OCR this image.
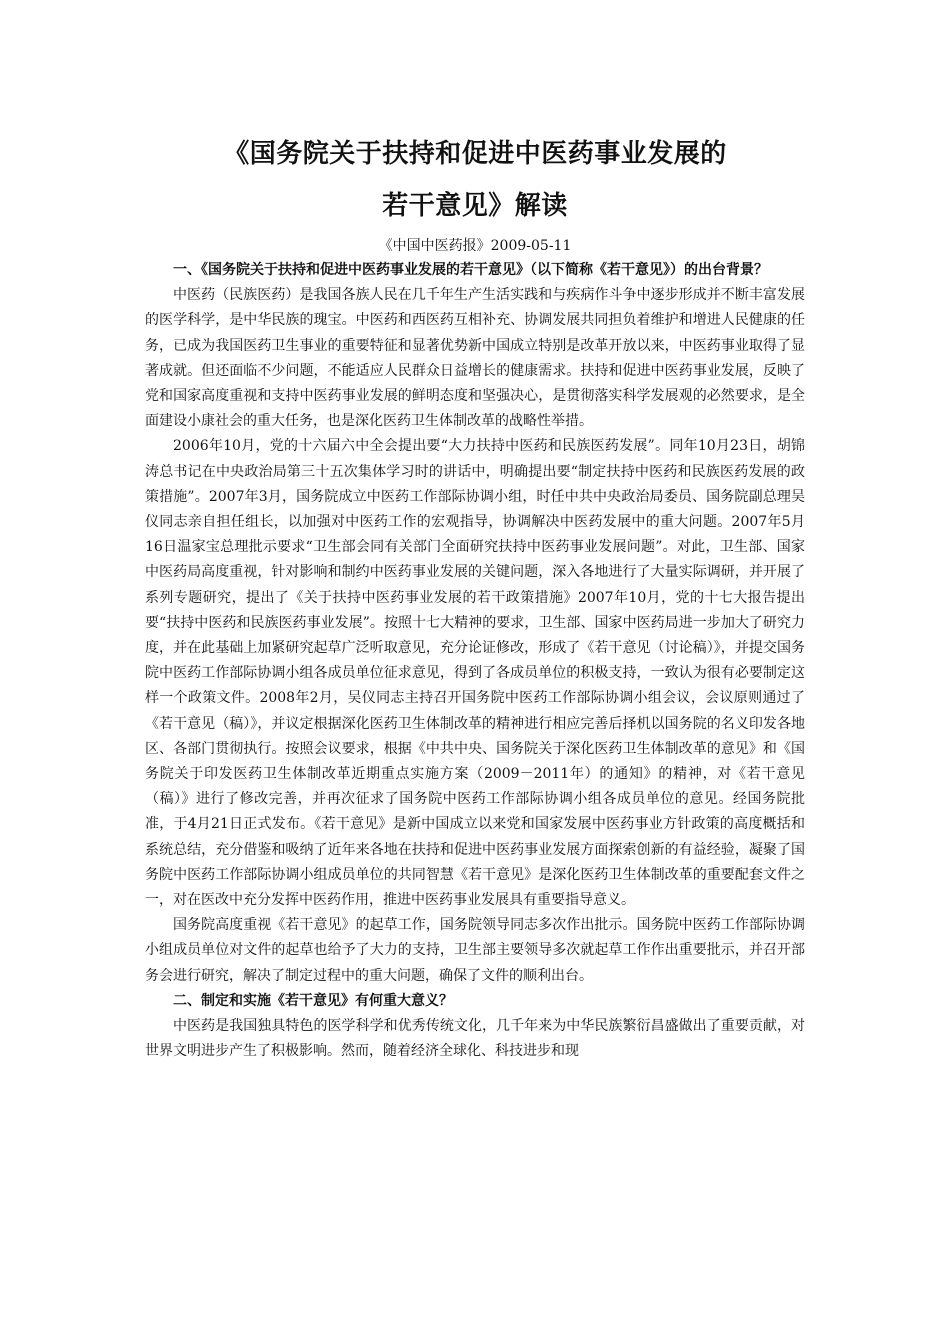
《国务院关于扶持和促进中医药事业发展的
若干意见》解读
《中国中医药报》2009-05-11

一、《国务院关于扶持和促进中医药事业发展的若干意见》（以下简称《若干意见》）的出台背景？

中医药（民族医药）是我国各族人民在几千年生产生活实践和与疾病作斗争中逐步形成并不断丰富发展的医学科学，是中华民族的瑰宝。中医药和西医药互相补充、协调发展共同担负着维护和增进人民健康的任务，已成为我国医药卫生事业的重要特征和显著优势新中国成立特别是改革开放以来，中医药事业取得了显著成就。但还面临不少问题，不能适应人民群众日益增长的健康需求。扶持和促进中医药事业发展，反映了党和国家高度重视和支持中医药事业发展的鲜明态度和坚强决心，是贯彻落实科学发展观的必然要求，是全面建设小康社会的重大任务，也是深化医药卫生体制改革的战略性举措。

2006年10月，党的十六届六中全会提出要“大力扶持中医药和民族医药发展”。同年10月23日，胡锦涛总书记在中央政治局第三十五次集体学习时的讲话中，明确提出要“制定扶持中医药和民族医药发展的政策措施”。2007年3月，国务院成立中医药工作部际协调小组，时任中共中央政治局委员、国务院副总理吴仪同志亲自担任组长，以加强对中医药工作的宏观指导，协调解决中医药发展中的重大问题。2007年5月16日温家宝总理批示要求“卫生部会同有关部门全面研究扶持中医药事业发展问题”。对此，卫生部、国家中医药局高度重视，针对影响和制约中医药事业发展的关键问题，深入各地进行了大量实际调研，并开展了系列专题研究，提出了《关于扶持中医药事业发展的若干政策措施》2007年10月，党的十七大报告提出要“扶持中医药和民族医药事业发展”。按照十七大精神的要求，卫生部、国家中医药局进一步加大了研究力度，并在此基础上加紧研究起草广泛听取意见，充分论证修改，形成了《若干意见（讨论稿）》，并提交国务院中医药工作部际协调小组各成员单位征求意见，得到了各成员单位的积极支持，一致认为很有必要制定这样一个政策文件。2008年2月，吴仪同志主持召开国务院中医药工作部际协调小组会议，会议原则通过了《若干意见（稿）》，并议定根据深化医药卫生体制改革的精神进行相应完善后择机以国务院的名义印发各地区、各部门贯彻执行。按照会议要求，根据《中共中央、国务院关于深化医药卫生体制改革的意见》和《国务院关于印发医药卫生体制改革近期重点实施方案（2009－2011年）的通知》的精神，对《若干意见（稿）》进行了修改完善，并再次征求了国务院中医药工作部际协调小组各成员单位的意见。经国务院批准，于4月21日正式发布。《若干意见》是新中国成立以来党和国家发展中医药事业方针政策的高度概括和系统总结，充分借鉴和吸纳了近年来各地在扶持和促进中医药事业发展方面探索创新的有益经验，凝聚了国务院中医药工作部际协调小组成员单位的共同智慧《若干意见》是深化医药卫生体制改革的重要配套文件之一，对在医改中充分发挥中医药作用，推进中医药事业发展具有重要指导意义。

国务院高度重视《若干意见》的起草工作，国务院领导同志多次作出批示。国务院中医药工作部际协调小组成员单位对文件的起草也给予了大力的支持，卫生部主要领导多次就起草工作作出重要批示，并召开部务会进行研究，解决了制定过程中的重大问题，确保了文件的顺利出台。

二、制定和实施《若干意见》有何重大意义？

中医药是我国独具特色的医学科学和优秀传统文化，几千年来为中华民族繁衍昌盛做出了重要贡献，对世界文明进步产生了积极影响。然而，随着经济全球化、科技进步和现
